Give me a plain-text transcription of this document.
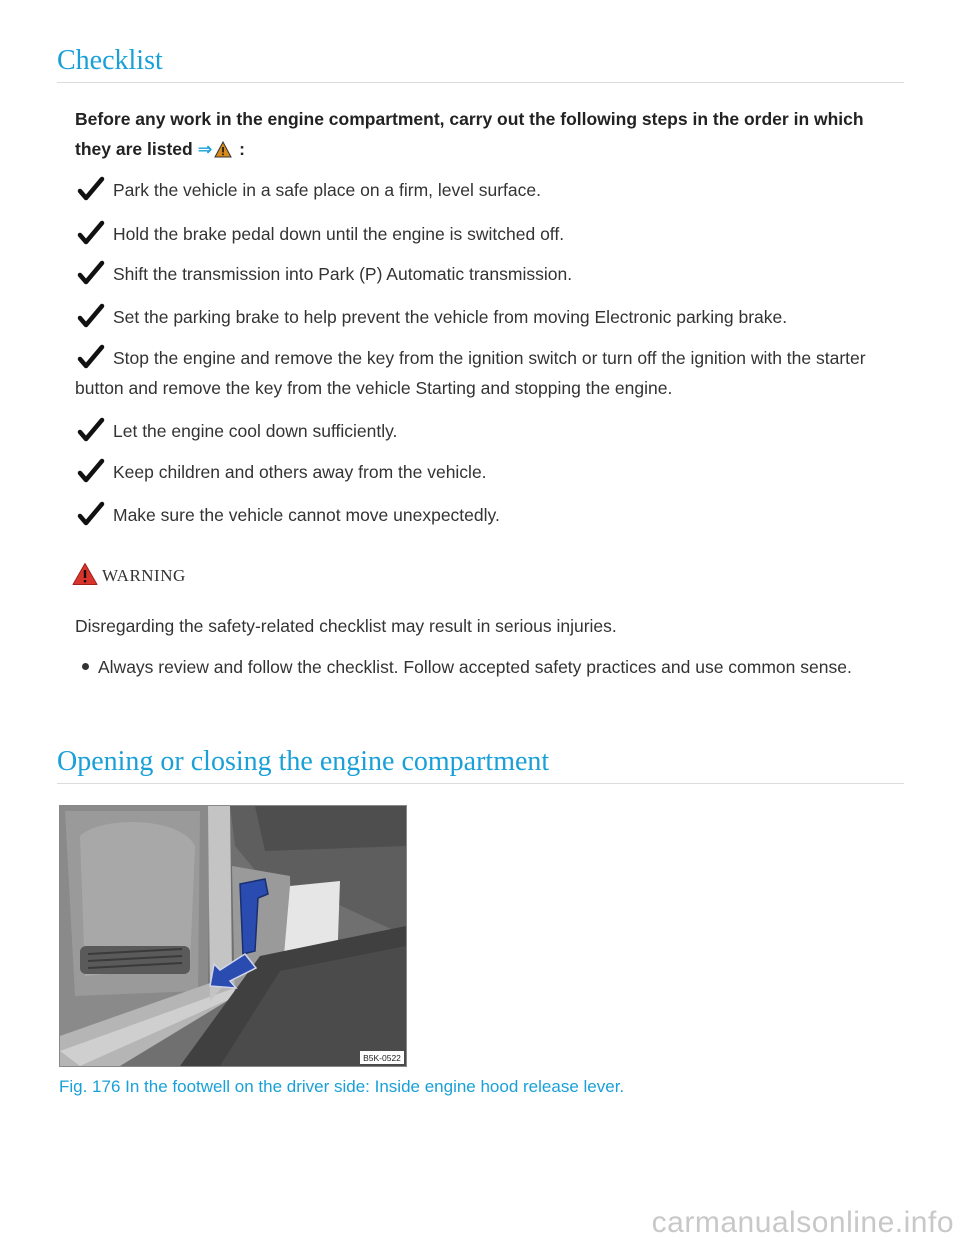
Checklist
Before any work in the engine compartment, carry out the following steps in the order in which they are listed ⇒ :
Park the vehicle in a safe place on a firm, level surface.
Hold the brake pedal down until the engine is switched off.
Shift the transmission into Park (P) Automatic transmission.
Set the parking brake to help prevent the vehicle from moving Electronic parking brake.
Stop the engine and remove the key from the ignition switch or turn off the ignition with the starter button and remove the key from the vehicle Starting and stopping the engine.
Let the engine cool down sufficiently.
Keep children and others away from the vehicle.
Make sure the vehicle cannot move unexpectedly.
WARNING
Disregarding the safety-related checklist may result in serious injuries.
Always review and follow the checklist. Follow accepted safety practices and use common sense.
Opening or closing the engine compartment
B5K-0522
Fig. 176 In the footwell on the driver side: Inside engine hood release lever.
carmanualsonline.info
